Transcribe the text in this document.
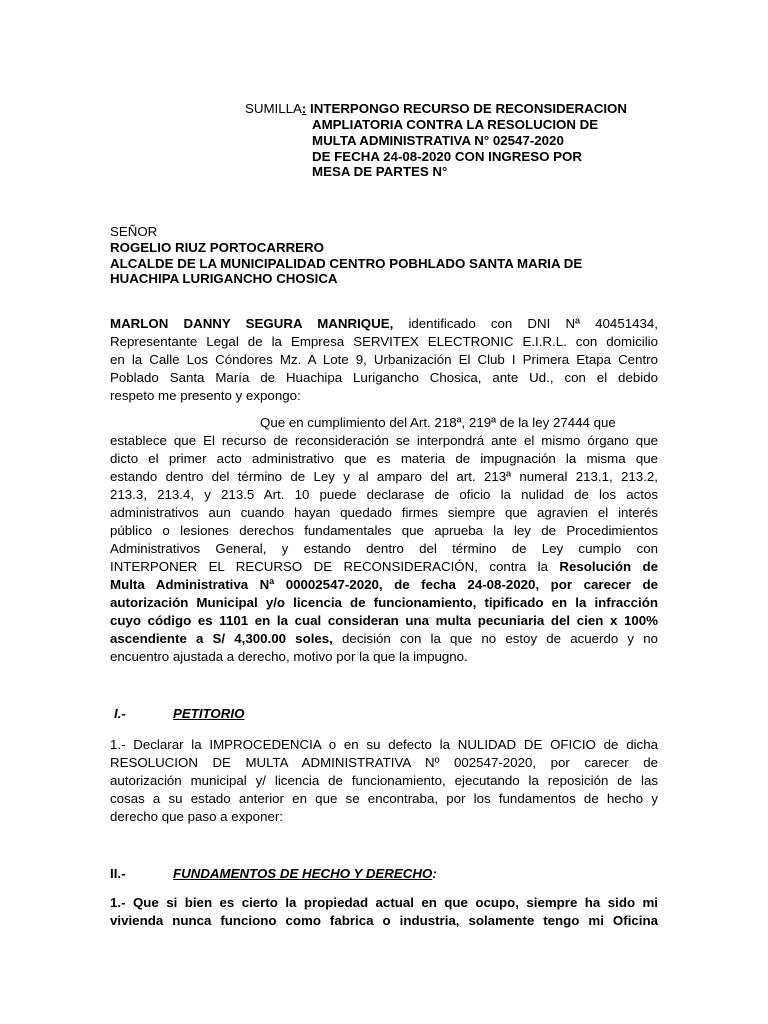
SUMILLA: INTERPONGO RECURSO DE RECONSIDERACION
AMPLIATORIA CONTRA LA RESOLUCION DE
MULTA ADMINISTRATIVA N° 02547-2020
DE FECHA 24-08-2020 CON INGRESO POR
MESA DE PARTES N°
SEÑOR
ROGELIO RIUZ PORTOCARRERO
ALCALDE DE LA MUNICIPALIDAD CENTRO POBHLADO SANTA MARIA DE
HUACHIPA LURIGANCHO CHOSICA
MARLON DANNY SEGURA MANRIQUE, identificado con DNI Nª 40451434,
Representante Legal de la Empresa SERVITEX ELECTRONIC E.I.R.L. con domicilio
en la Calle Los Cóndores Mz. A Lote 9, Urbanización El Club I Primera Etapa Centro
Poblado Santa María de Huachipa Lurigancho Chosica, ante Ud., con el debido
respeto me presento y expongo:
Que en cumplimiento del Art. 218ª, 219ª de la ley 27444 que
establece que El recurso de reconsideración se interpondrá ante el mismo órgano que
dicto el primer acto administrativo que es materia de impugnación la misma que
estando dentro del término de Ley y al amparo del art. 213ª numeral 213.1, 213.2,
213.3, 213.4, y 213.5 Art. 10 puede declarase de oficio la nulidad de los actos
administrativos aun cuando hayan quedado firmes siempre que agravien el interés
público o lesiones derechos fundamentales que aprueba la ley de Procedimientos
Administrativos General, y estando dentro del término de Ley cumplo con
INTERPONER EL RECURSO DE RECONSIDERACIÓN, contra la Resolución de
Multa Administrativa Nª 00002547-2020, de fecha 24-08-2020, por carecer de
autorización Municipal y/o licencia de funcionamiento, tipificado en la infracción
cuyo código es 1101 en la cual consideran una multa pecuniaria del cien x 100%
ascendiente a S/ 4,300.00 soles, decisión con la que no estoy de acuerdo y no
encuentro ajustada a derecho, motivo por la que la impugno.
I.-	PETITORIO
1.- Declarar la IMPROCEDENCIA o en su defecto la NULIDAD DE OFICIO de dicha
RESOLUCION DE MULTA ADMINISTRATIVA Nº 002547-2020, por carecer de
autorización municipal y/ licencia de funcionamiento, ejecutando la reposición de las
cosas a su estado anterior en que se encontraba, por los fundamentos de hecho y
derecho que paso a exponer:
II.-	FUNDAMENTOS DE HECHO Y DERECHO:
1.- Que si bien es cierto la propiedad actual en que ocupo, siempre ha sido mi
vivienda nunca funciono como fabrica o industria, solamente tengo mi Oficina
